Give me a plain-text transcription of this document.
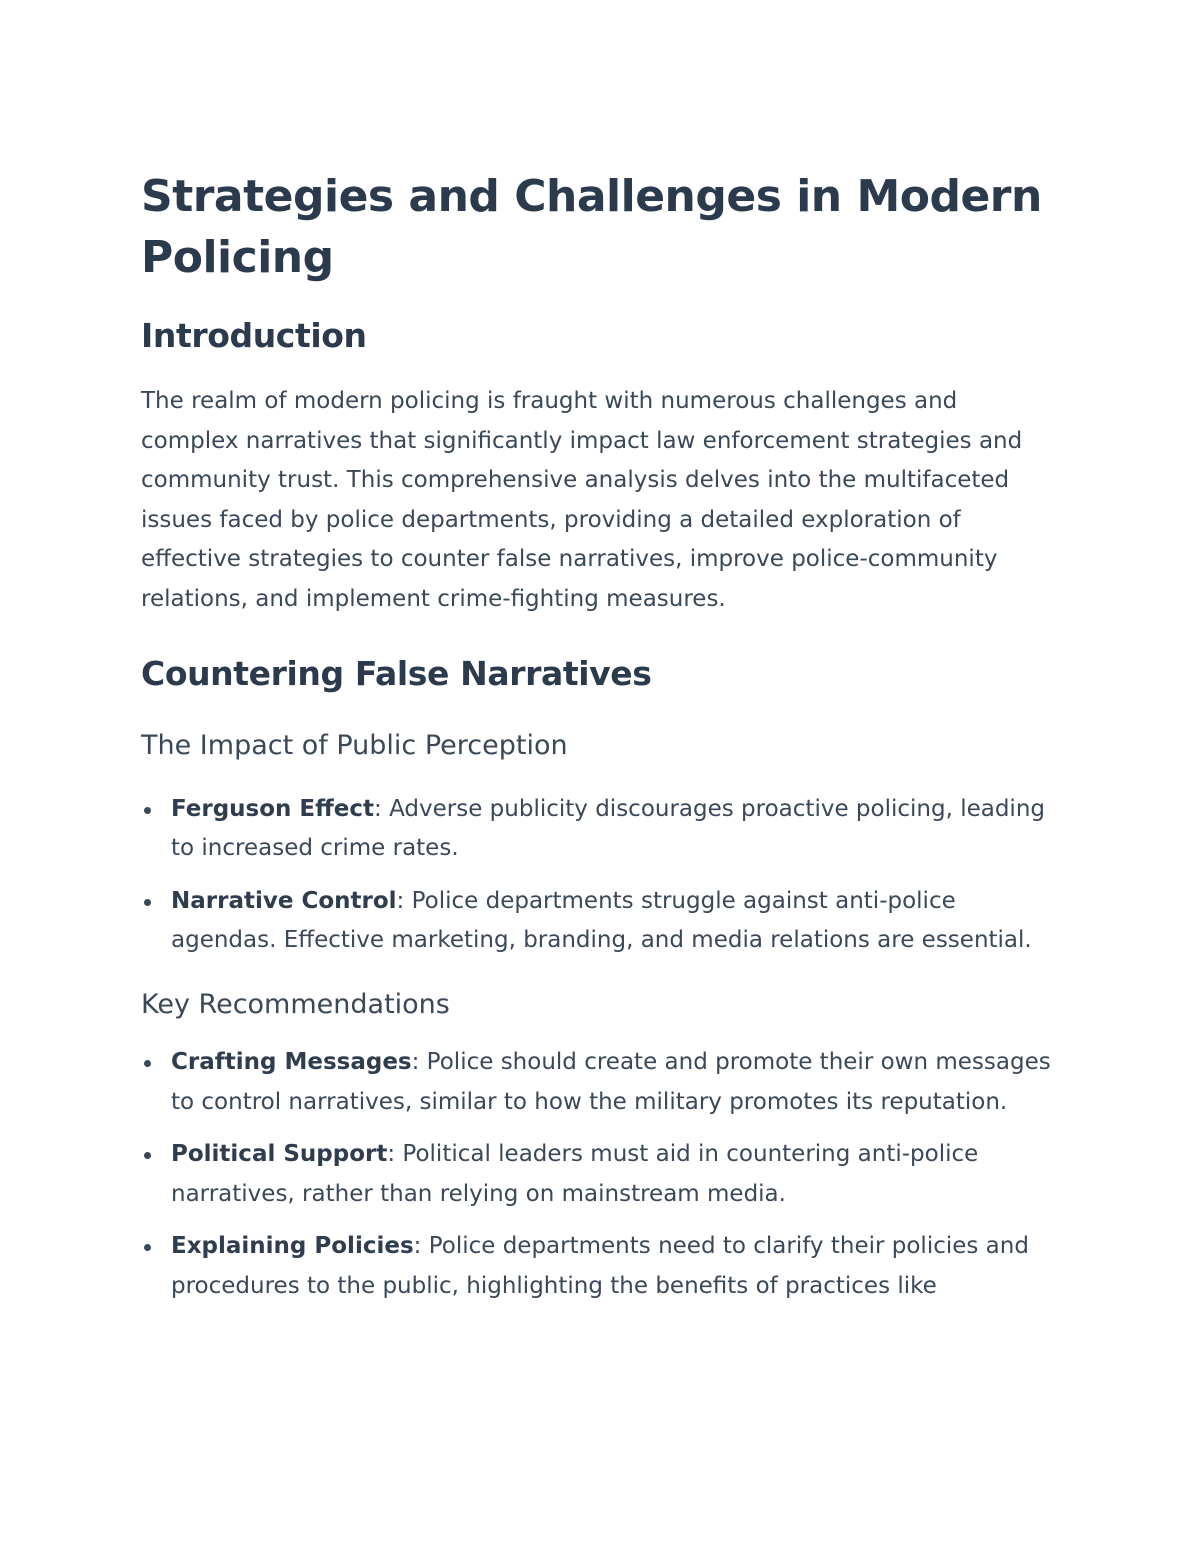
Strategies and Challenges in Modern Policing
Introduction

The realm of modern policing is fraught with numerous challenges and complex narratives that significantly impact law enforcement strategies and community trust. This comprehensive analysis delves into the multifaceted issues faced by police departments, providing a detailed exploration of effective strategies to counter false narratives, improve police-community relations, and implement crime-fighting measures.

Countering False Narratives
The Impact of Public Perception
Ferguson Effect: Adverse publicity discourages proactive policing, leading to increased crime rates.
Narrative Control: Police departments struggle against anti-police agendas. Effective marketing, branding, and media relations are essential.
Key Recommendations
Crafting Messages: Police should create and promote their own messages to control narratives, similar to how the military promotes its reputation.
Political Support: Political leaders must aid in countering anti-police narratives, rather than relying on mainstream media.
Explaining Policies: Police departments need to clarify their policies and procedures to the public, highlighting the benefits of practices like
